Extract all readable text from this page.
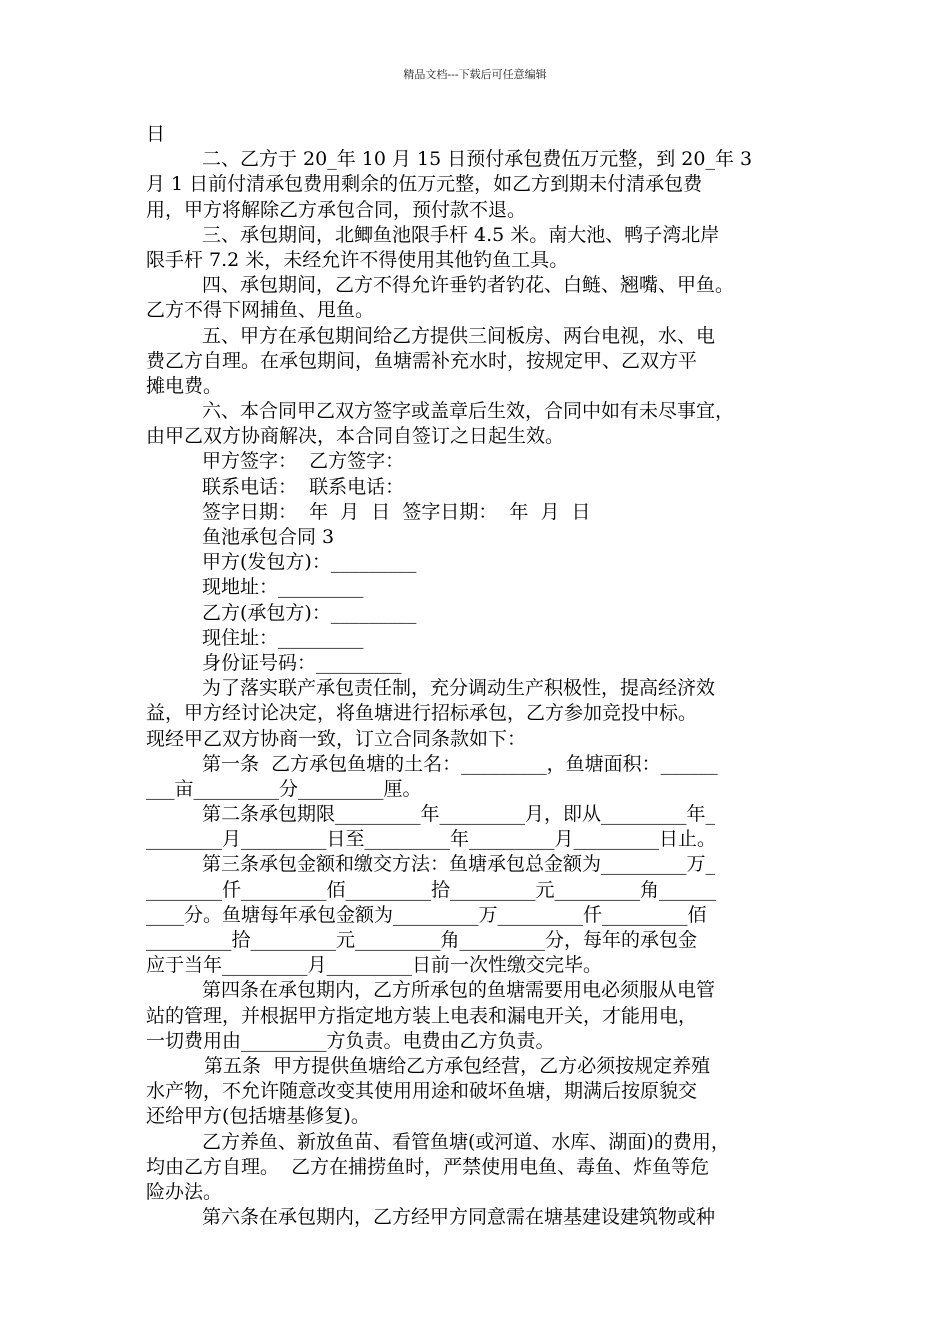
精品文档---下载后可任意编辑
日
二、乙方于 20_年 10 月 15 日预付承包费伍万元整，到 20_年 3
月 1 日前付清承包费用剩余的伍万元整，如乙方到期未付清承包费
用，甲方将解除乙方承包合同，预付款不退。
三、承包期间，北鲫鱼池限手杆 4.5 米。南大池、鸭子湾北岸
限手杆 7.2 米，未经允许不得使用其他钓鱼工具。
四、承包期间，乙方不得允许垂钓者钓花、白鲢、翘嘴、甲鱼。
乙方不得下网捕鱼、甩鱼。
五、甲方在承包期间给乙方提供三间板房、两台电视，水、电
费乙方自理。在承包期间，鱼塘需补充水时，按规定甲、乙双方平
摊电费。
六、本合同甲乙双方签字或盖章后生效，合同中如有未尽事宜，
由甲乙双方协商解决，本合同自签订之日起生效。
甲方签字：  乙方签字：
联系电话：  联系电话：
签字日期：  年  月  日  签字日期：  年  月  日
鱼池承包合同 3
甲方(发包方)：_________
现地址：_________
乙方(承包方)：_________
现住址：_________
身份证号码：_________
为了落实联产承包责任制，充分调动生产积极性，提高经济效
益，甲方经讨论决定，将鱼塘进行招标承包，乙方参加竞投中标。
现经甲乙双方协商一致，订立合同条款如下：
第一条  乙方承包鱼塘的土名：_________，鱼塘面积：______
___亩_________分_________厘。
第二条承包期限_________年_________月，即从_________年_
________月_________日至_________年_________月_________日止。
第三条承包金额和缴交方法：鱼塘承包总金额为_________万_
________仟_________佰_________拾_________元_________角______
____分。鱼塘每年承包金额为_________万_________仟_________佰
_________拾_________元_________角_________分，每年的承包金
应于当年_________月_________日前一次性缴交完毕。
第四条在承包期内，乙方所承包的鱼塘需要用电必须服从电管
站的管理，并根据甲方指定地方装上电表和漏电开关，才能用电，
一切费用由_________方负责。电费由乙方负责。
第五条  甲方提供鱼塘给乙方承包经营，乙方必须按规定养殖
水产物，不允许随意改变其使用用途和破坏鱼塘，期满后按原貌交
还给甲方(包括塘基修复)。
乙方养鱼、新放鱼苗、看管鱼塘(或河道、水库、湖面)的费用，
均由乙方自理。  乙方在捕捞鱼时，严禁使用电鱼、毒鱼、炸鱼等危
险办法。
第六条在承包期内，乙方经甲方同意需在塘基建设建筑物或种
